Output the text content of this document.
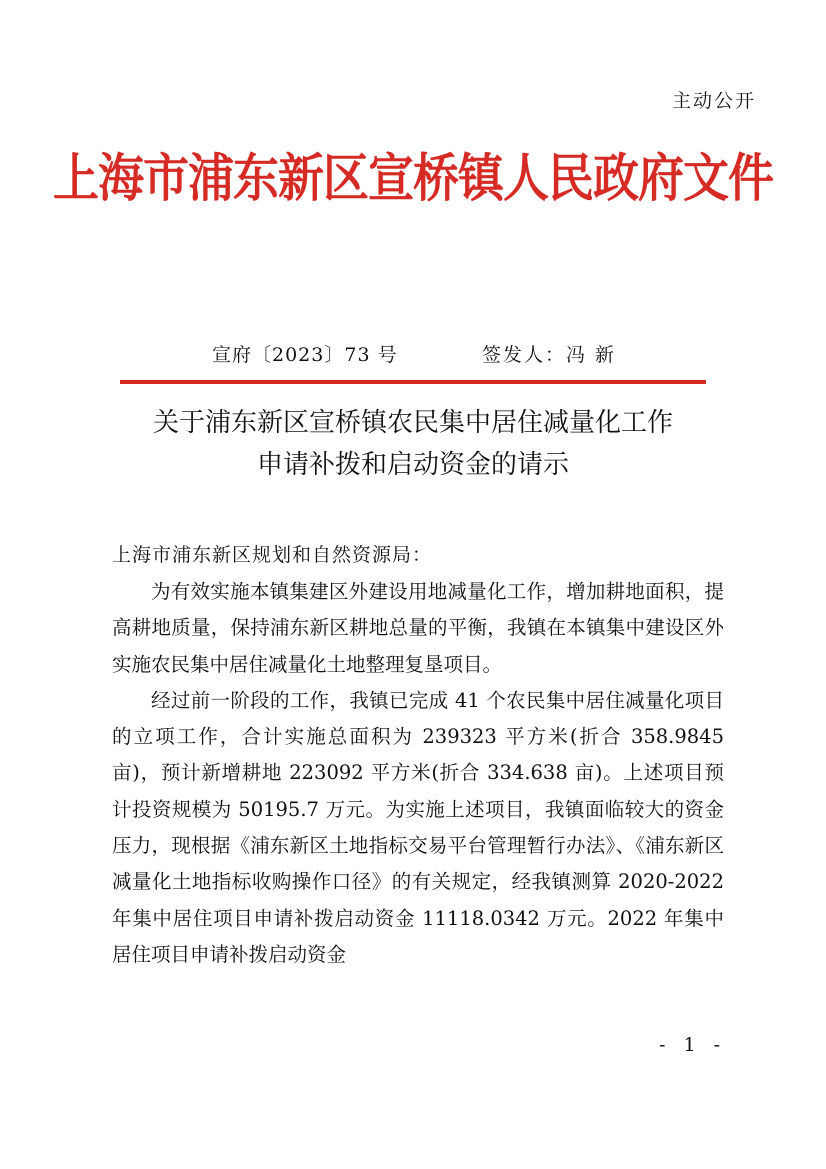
主动公开
上海市浦东新区宣桥镇人民政府文件
宣府〔2023〕73 号	签发人：冯 新
关于浦东新区宣桥镇农民集中居住减量化工作
申请补拨和启动资金的请示
上海市浦东新区规划和自然资源局：

为有效实施本镇集建区外建设用地减量化工作，增加耕地面积，提高耕地质量，保持浦东新区耕地总量的平衡，我镇在本镇集中建设区外实施农民集中居住减量化土地整理复垦项目。

经过前一阶段的工作，我镇已完成 41 个农民集中居住减量化项目的立项工作，合计实施总面积为 239323 平方米(折合 358.9845 亩)，预计新增耕地 223092 平方米(折合 334.638 亩)。上述项目预计投资规模为 50195.7 万元。为实施上述项目，我镇面临较大的资金压力，现根据《浦东新区土地指标交易平台管理暂行办法》、《浦东新区减量化土地指标收购操作口径》的有关规定，经我镇测算 2020-2022 年集中居住项目申请补拨启动资金 11118.0342 万元。2022 年集中居住项目申请补拨启动资金

- 1 -
